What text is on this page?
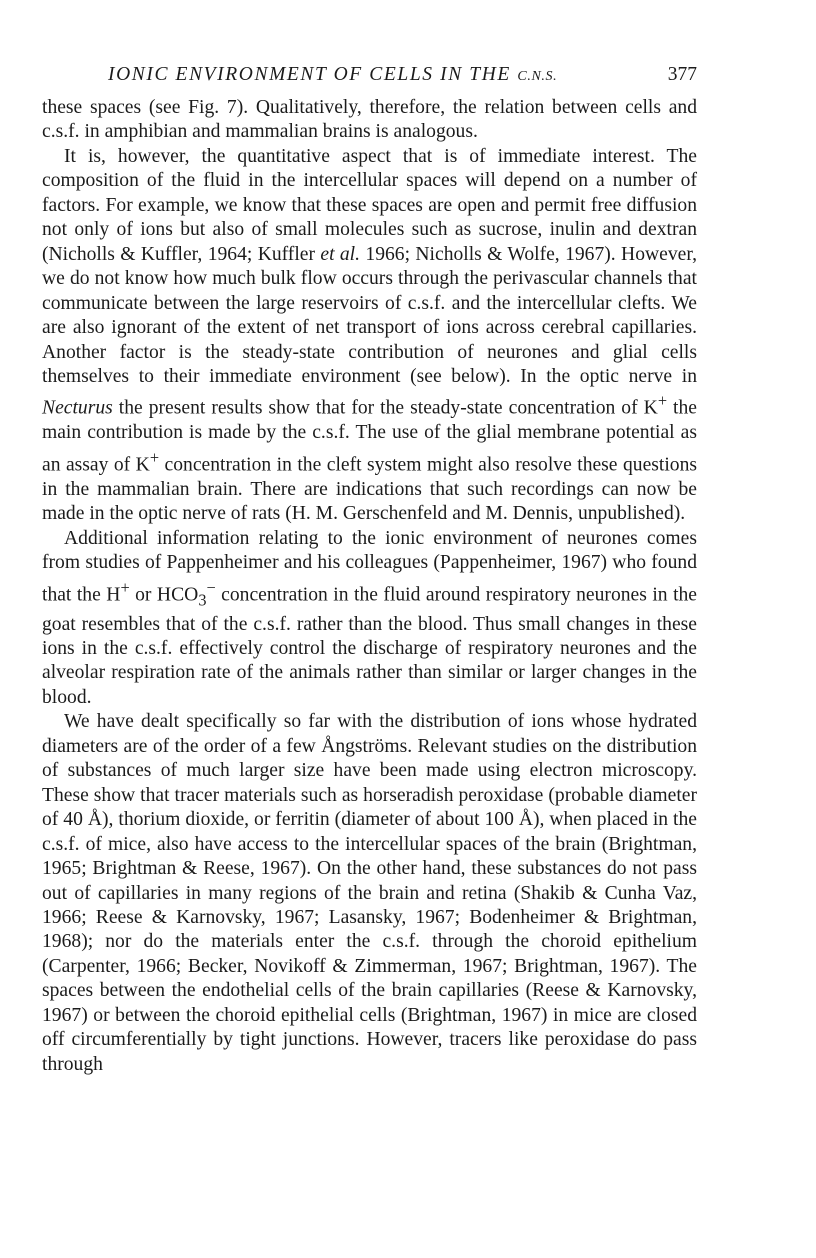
IONIC ENVIRONMENT OF CELLS IN THE C.N.S.	377

these spaces (see Fig. 7). Qualitatively, therefore, the relation between cells and c.s.f. in amphibian and mammalian brains is analogous.

It is, however, the quantitative aspect that is of immediate interest. The composition of the fluid in the intercellular spaces will depend on a number of factors. For example, we know that these spaces are open and permit free diffusion not only of ions but also of small molecules such as sucrose, inulin and dextran (Nicholls & Kuffler, 1964; Kuffler et al. 1966; Nicholls & Wolfe, 1967). However, we do not know how much bulk flow occurs through the perivascular channels that communicate between the large reservoirs of c.s.f. and the intercellular clefts. We are also ignorant of the extent of net transport of ions across cerebral capillaries. Another factor is the steady-state contribution of neurones and glial cells themselves to their immediate environment (see below). In the optic nerve in Necturus the present results show that for the steady-state concentration of K+ the main contribution is made by the c.s.f. The use of the glial membrane potential as an assay of K+ concentration in the cleft system might also resolve these questions in the mammalian brain. There are indications that such recordings can now be made in the optic nerve of rats (H. M. Gerschenfeld and M. Dennis, unpublished).

Additional information relating to the ionic environment of neurones comes from studies of Pappenheimer and his colleagues (Pappenheimer, 1967) who found that the H+ or $HCO_3^-$ concentration in the fluid around respiratory neurones in the goat resembles that of the c.s.f. rather than the blood. Thus small changes in these ions in the c.s.f. effectively control the discharge of respiratory neurones and the alveolar respiration rate of the animals rather than similar or larger changes in the blood.

We have dealt specifically so far with the distribution of ions whose hydrated diameters are of the order of a few Ångströms. Relevant studies on the distribution of substances of much larger size have been made using electron microscopy. These show that tracer materials such as horseradish peroxidase (probable diameter of 40 Å), thorium dioxide, or ferritin (diameter of about 100 Å), when placed in the c.s.f. of mice, also have access to the intercellular spaces of the brain (Brightman, 1965; Brightman & Reese, 1967). On the other hand, these substances do not pass out of capillaries in many regions of the brain and retina (Shakib & Cunha Vaz, 1966; Reese & Karnovsky, 1967; Lasansky, 1967; Bodenheimer & Brightman, 1968); nor do the materials enter the c.s.f. through the choroid epithelium (Carpenter, 1966; Becker, Novikoff & Zimmerman, 1967; Brightman, 1967). The spaces between the endothelial cells of the brain capillaries (Reese & Karnovsky, 1967) or between the choroid epithelial cells (Brightman, 1967) in mice are closed off circumferentially by tight junctions. However, tracers like peroxidase do pass through
